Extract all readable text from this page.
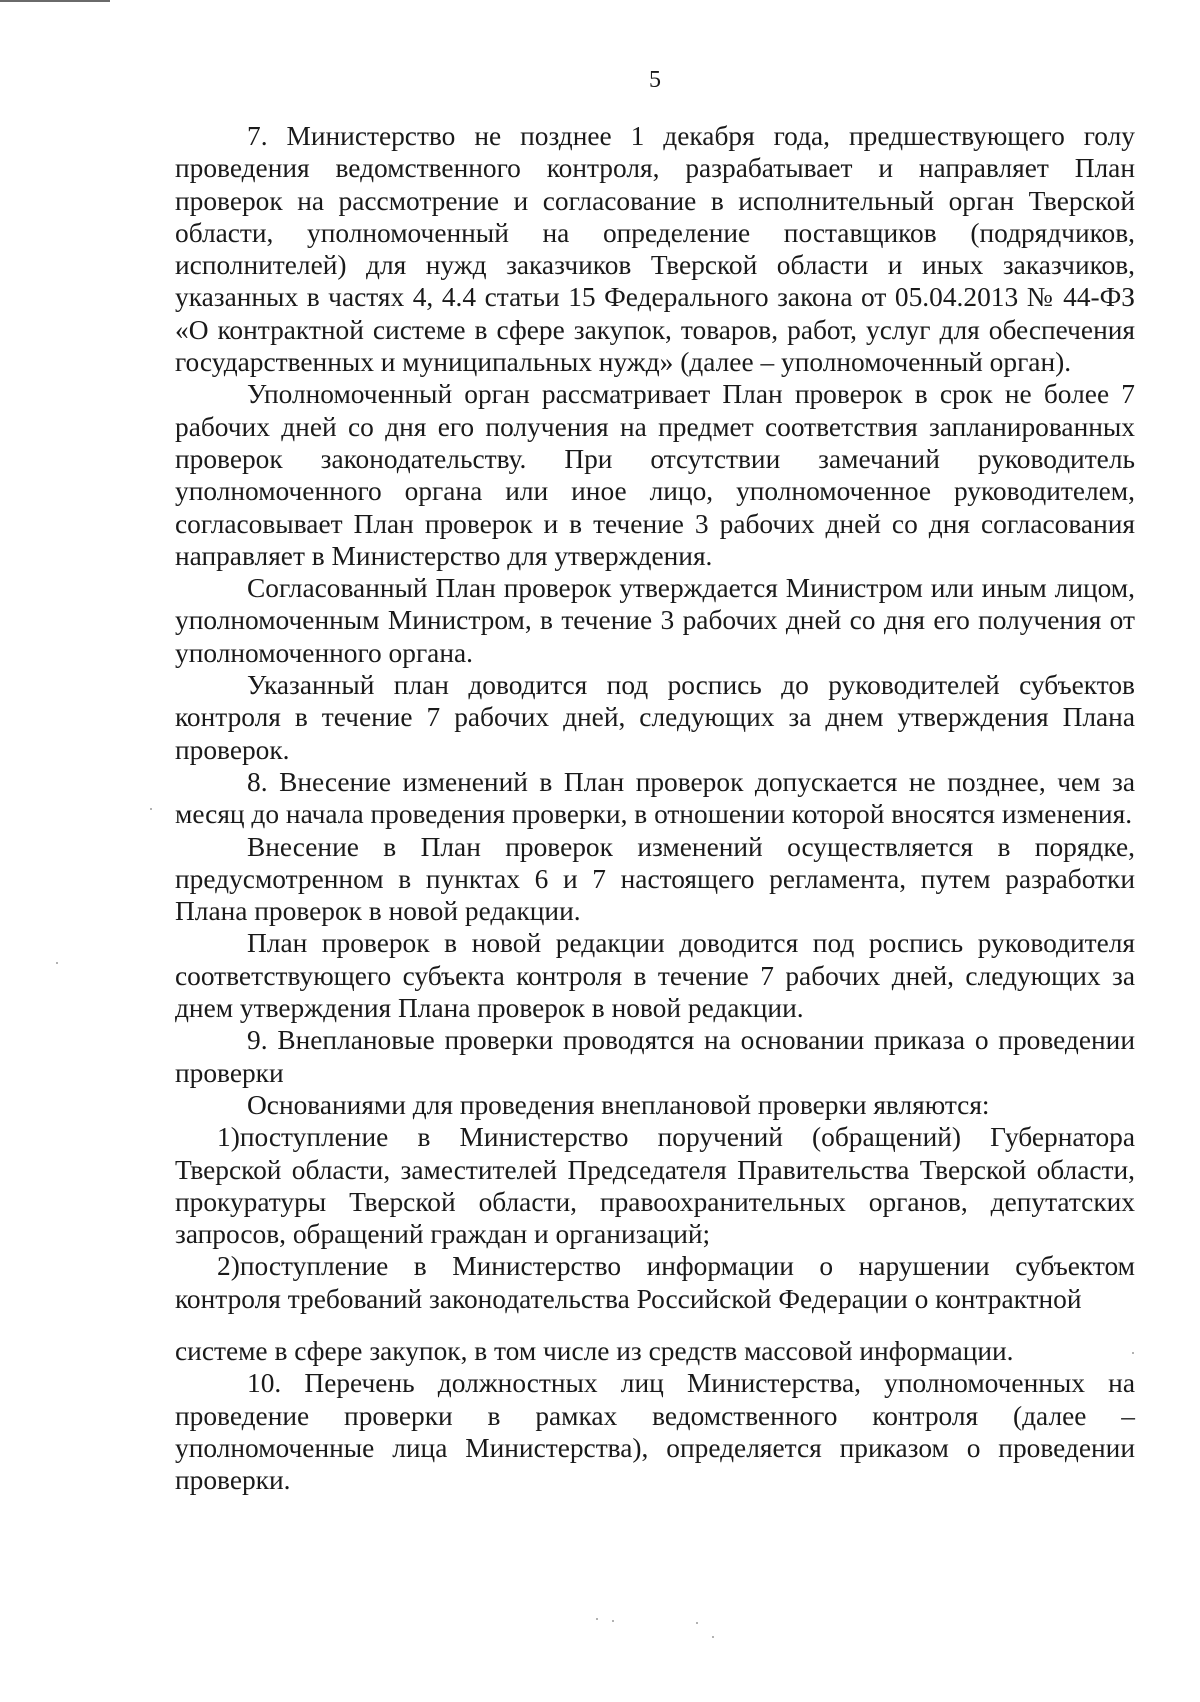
5

7. Министерство не позднее 1 декабря года, предшествующего голу проведения ведомственного контроля, разрабатывает и направляет План проверок на рассмотрение и согласование в исполнительный орган Тверской области, уполномоченный на определение поставщиков (подрядчиков, исполнителей) для нужд заказчиков Тверской области и иных заказчиков, указанных в частях 4, 4.4 статьи 15 Федерального закона от 05.04.2013 № 44-ФЗ «О контрактной системе в сфере закупок, товаров, работ, услуг для обеспечения государственных и муниципальных нужд» (далее – уполномоченный орган).

Уполномоченный орган рассматривает План проверок в срок не более 7 рабочих дней со дня его получения на предмет соответствия запланированных проверок законодательству. При отсутствии замечаний руководитель уполномоченного органа или иное лицо, уполномоченное руководителем, согласовывает План проверок и в течение 3 рабочих дней со дня согласования направляет в Министерство для утверждения.

Согласованный План проверок утверждается Министром или иным лицом, уполномоченным Министром, в течение 3 рабочих дней со дня его получения от уполномоченного органа.

Указанный план доводится под роспись до руководителей субъектов контроля в течение 7 рабочих дней, следующих за днем утверждения Плана проверок.

8. Внесение изменений в План проверок допускается не позднее, чем за месяц до начала проведения проверки, в отношении которой вносятся изменения.

Внесение в План проверок изменений осуществляется в порядке, предусмотренном в пунктах 6 и 7 настоящего регламента, путем разработки Плана проверок в новой редакции.

План проверок в новой редакции доводится под роспись руководителя соответствующего субъекта контроля в течение 7 рабочих дней, следующих за днем утверждения Плана проверок в новой редакции.

9. Внеплановые проверки проводятся на основании приказа о проведении проверки

Основаниями для проведения внеплановой проверки являются:

1)поступление в Министерство поручений (обращений) Губернатора Тверской области, заместителей Председателя Правительства Тверской области, прокуратуры Тверской области, правоохранительных органов, депутатских запросов, обращений граждан и организаций;

2)поступление в Министерство информации о нарушении субъектом контроля требований законодательства Российской Федерации о контрактной

системе в сфере закупок, в том числе из средств массовой информации.

10. Перечень должностных лиц Министерства, уполномоченных на проведение проверки в рамках ведомственного контроля (далее – уполномоченные лица Министерства), определяется приказом о проведении проверки.
